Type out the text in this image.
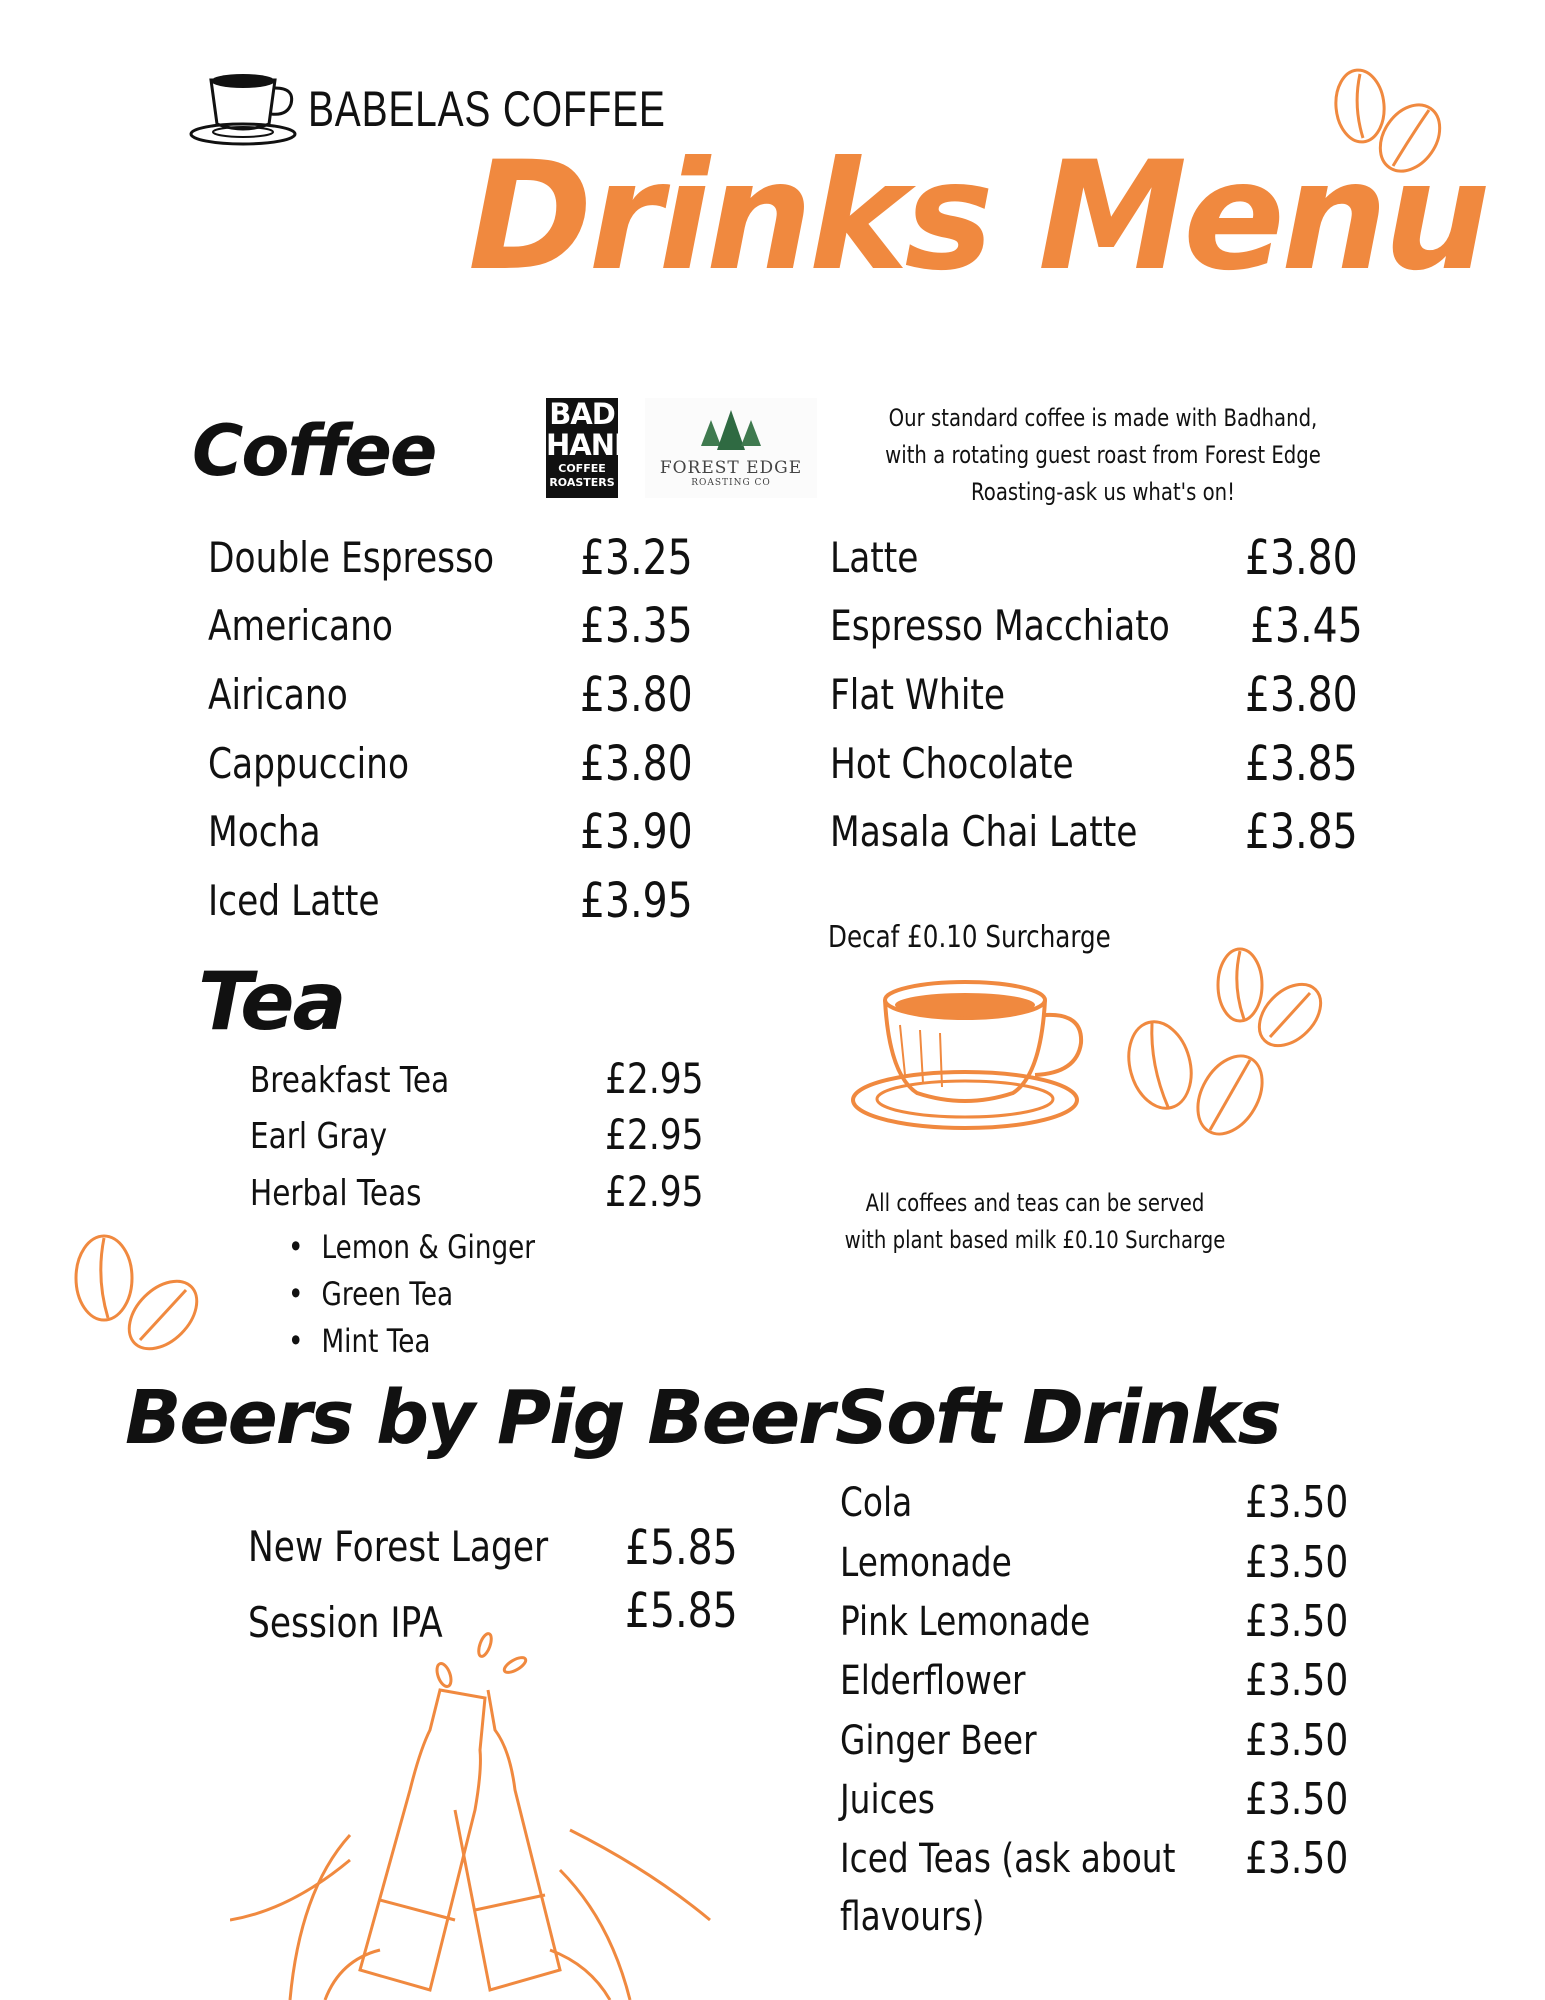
BABELAS COFFEE
Drinks Menu
Coffee	BAD
HAND
COFFEE
ROASTERS
FOREST EDGE
ROASTING CO
Our standard coffee is made with Badhand, with a rotating guest roast from Forest Edge Roasting-ask us what's on!
Double Espresso £3.25
Americano	£3.35
Airicano	£3.80
Cappuccino	£3.80
Mocha	£3.90
Iced Latte	£3.95
Latte	£3.80
Espresso Macchiato £3.45
Flat White	£3.80
Hot Chocolate	£3.85
Masala Chai Latte £3.85
Decaf £0.10 Surcharge
All coffees and teas can be served with plant based milk £0.10 Surcharge
Tea
Breakfast Tea	£2.95
Earl Gray	£2.95
Herbal Teas	£2.95
• Lemon & Ginger
• Green Tea
• Mint Tea
Beers by Pig Beer
New Forest Lager £5.85
Session IPA	£5.85
Soft Drinks
Cola	£3.50
Lemonade	£3.50
Pink Lemonade	£3.50
Elderflower	£3.50
Ginger Beer	£3.50
Juices	£3.50
Iced Teas (ask about £3.50
flavours)
